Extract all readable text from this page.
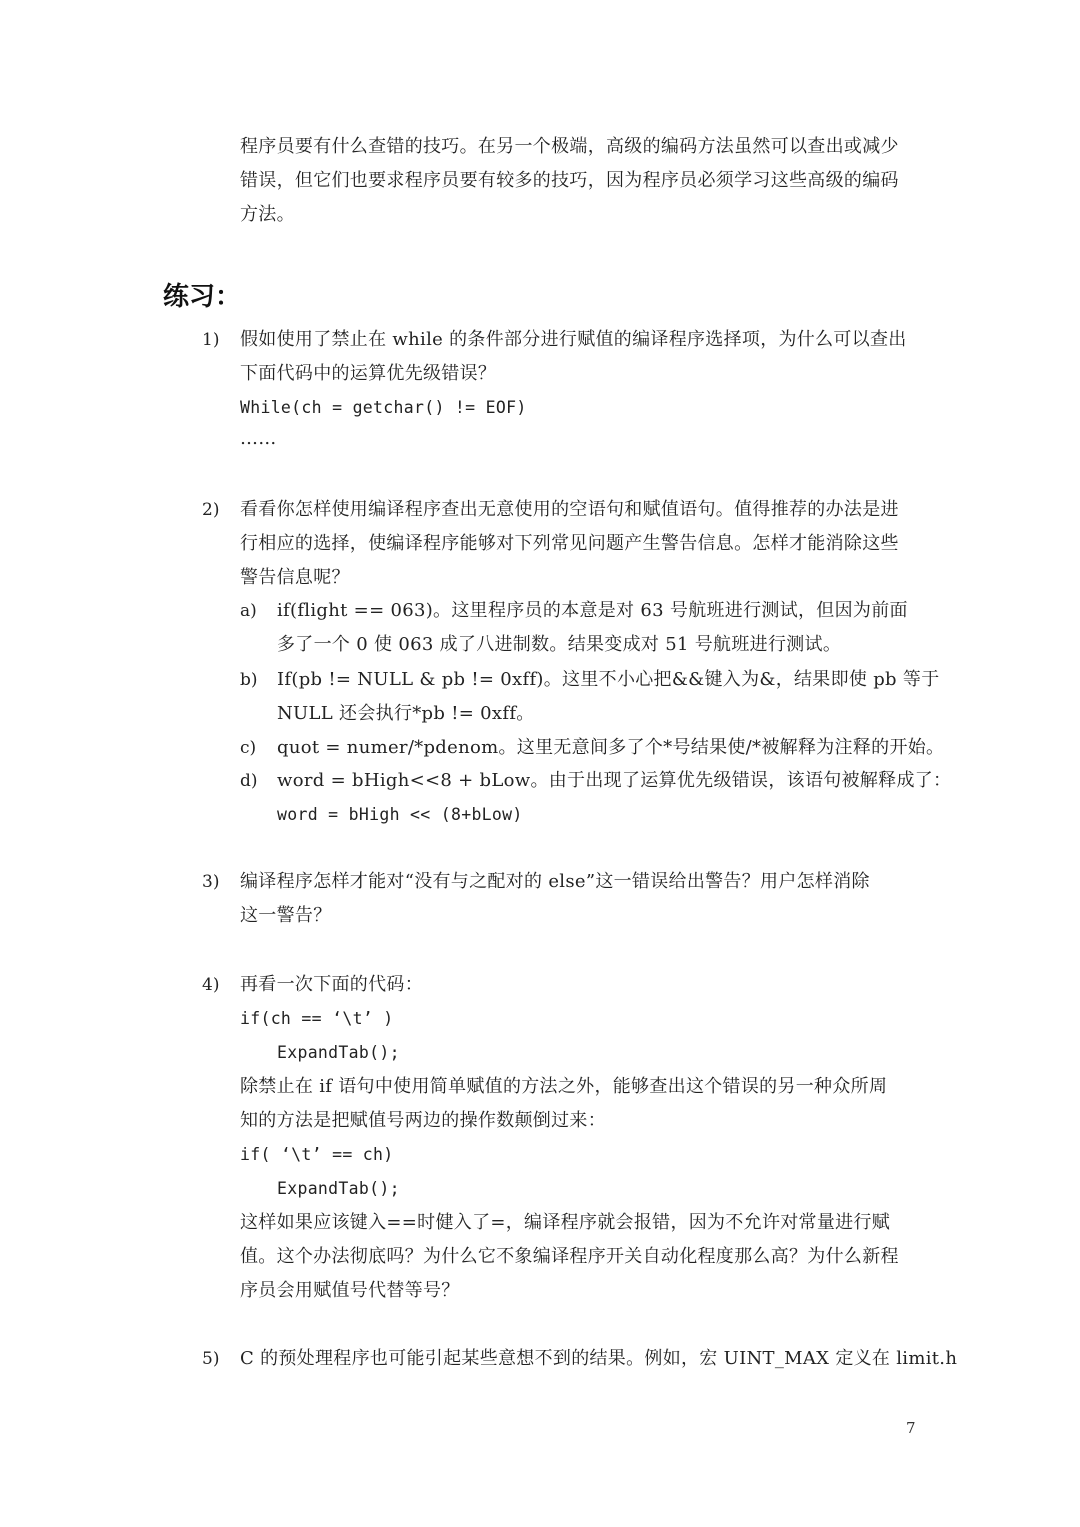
程序员要有什么查错的技巧。在另一个极端，高级的编码方法虽然可以查出或减少
错误，但它们也要求程序员要有较多的技巧，因为程序员必须学习这些高级的编码
方法。
练习：
1) 假如使用了禁止在 while 的条件部分进行赋值的编译程序选择项，为什么可以查出
下面代码中的运算优先级错误？
While(ch = getchar() != EOF)
……
2) 看看你怎样使用编译程序查出无意使用的空语句和赋值语句。值得推荐的办法是进
行相应的选择，使编译程序能够对下列常见问题产生警告信息。怎样才能消除这些
警告信息呢？
a) if(flight == 063)。这里程序员的本意是对 63 号航班进行测试，但因为前面
多了一个 0 使 063 成了八进制数。结果变成对 51 号航班进行测试。
b) If(pb != NULL & pb != 0xff)。这里不小心把&&键入为&，结果即使 pb 等于
NULL 还会执行*pb != 0xff。
c) quot = numer/*pdenom。这里无意间多了个*号结果使/*被解释为注释的开始。
d) word = bHigh<<8 + bLow。由于出现了运算优先级错误，该语句被解释成了：
word = bHigh << (8+bLow)
3) 编译程序怎样才能对“没有与之配对的 else”这一错误给出警告？用户怎样消除
这一警告？
4) 再看一次下面的代码：
if(ch == ‘\t’ )
ExpandTab();
除禁止在 if 语句中使用简单赋值的方法之外，能够查出这个错误的另一种众所周
知的方法是把赋值号两边的操作数颠倒过来：
if( ‘\t’ == ch)
ExpandTab();
这样如果应该键入==时健入了=，编译程序就会报错，因为不允许对常量进行赋
值。这个办法彻底吗？为什么它不象编译程序开关自动化程度那么高？为什么新程
序员会用赋值号代替等号？
5) C 的预处理程序也可能引起某些意想不到的结果。例如，宏 UINT_MAX 定义在 limit.h
7
